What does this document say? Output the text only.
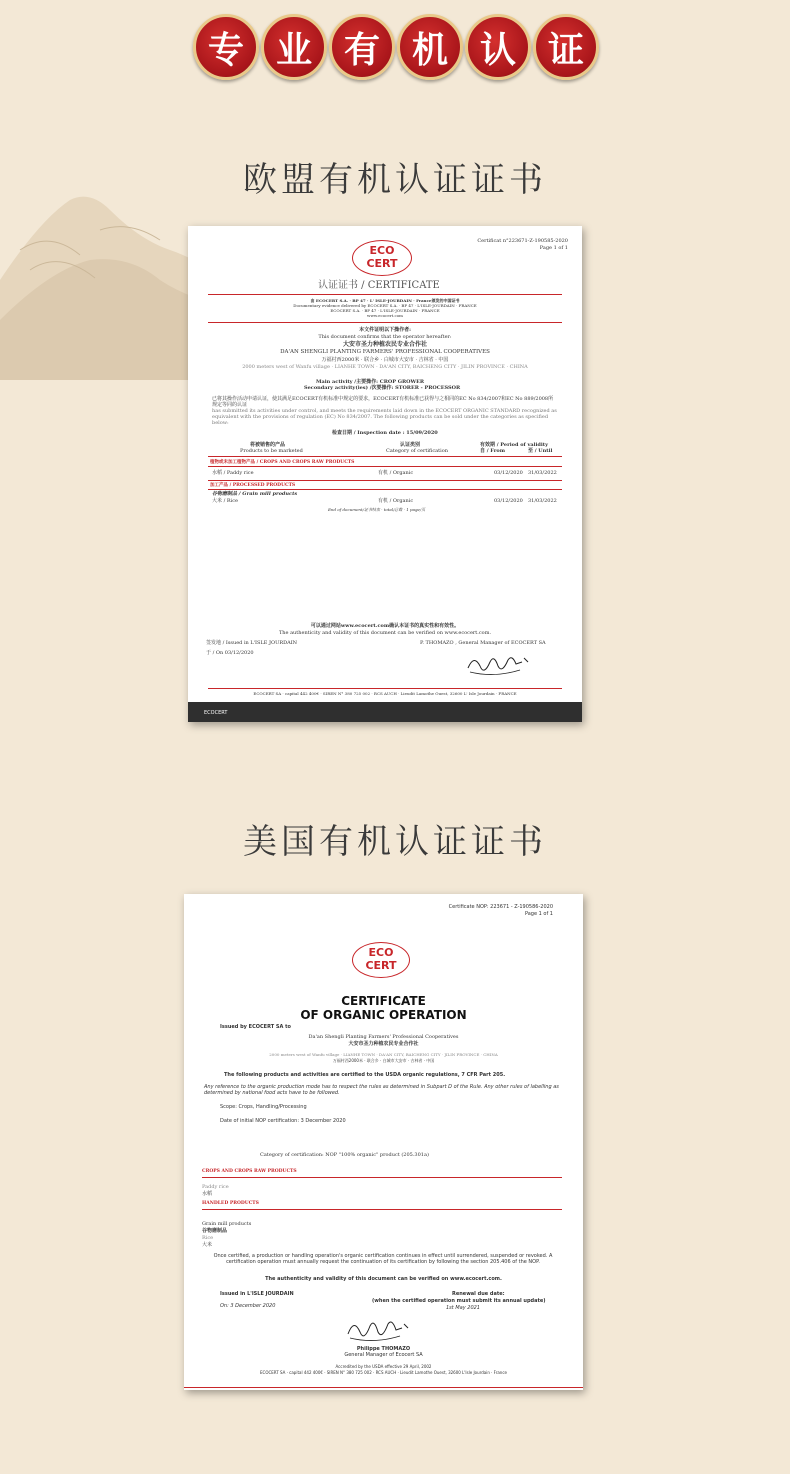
专 业 有 机 认 证
欧盟有机认证证书
Certificat n°223671-Z-190585-2020
Page 1 of 1
ECO
CERT
认证证书 / CERTIFICATE
由 ECOCERT S.A. · BP 47 · L' ISLE-JOURDAIN · France颁发的中国证书
Documentary evidence delivered by ECOCERT S.A. · BP 47 · L'ISLE-JOURDAIN · FRANCE
ECOCERT S.A. · BP 47 · L'ISLE-JOURDAIN · FRANCE
www.ecocert.com
本文件证明以下操作者:
This document confirms that the operator hereafter:
大安市圣力种植农民专业合作社
DA'AN SHENGLI PLANTING FARMERS' PROFESSIONAL COOPERATIVES
万福村西2000米 · 联合乡 · 白城市大安市 · 吉林省 · 中国
2000 meters west of Wanfu village · LIANHE TOWN · DA'AN CITY, BAICHENG CITY · JILIN PROVINCE · CHINA
Main activity /主要操作: CROP GROWER
Secondary activity(ies) /次要操作: STORER - PROCESSOR
已将其操作活动申请认证，使其满足ECOCERT有机标准中规定的要求，ECOCERT有机标准已获得与之相同的EC No 834/2007和EC No 889/2008所规定等同的认证
has submitted its activities under control, and meets the requirements laid down in the ECOCERT ORGANIC STANDARD recognized as equivalent with the provisions of regulation (EC) No 834/2007. The following products can be sold under the categories as specified below:
检查日期 / Inspection date : 15/09/2020
将被销售的产品
Products to be marketed
认证类别
Category of certification
有效期 / Period of validity
自 / From	至 / Until
植物或未加工植物产品 / CROPS AND CROPS RAW PRODUCTS
水稻 / Paddy rice	有机 / Organic	03/12/2020 31/03/2022
加工产品 / PROCESSED PRODUCTS
谷物磨制品 / Grain mill products
大米 / Rice	有机 / Organic	03/12/2020 31/03/2022
End of document/证书结束 · total/总数 · 1 page/页
可以通过网站www.ecocert.com确认本证书的真实性和有效性。
The authenticity and validity of this document can be verified on www.ecocert.com.
签发地 / Issued in L'ISLE JOURDAIN
于 / On 03/12/2020
P. THOMAZO , General Manager of ECOCERT SA
ECOCERT SA · capital 442 400€ · SIREN N° 380 725 002 · RCS AUCH · Lieudit Lamothe Ouest, 32600 L' Isle Jourdain · FRANCE
ECOCERT
美国有机认证证书
Certificate NOP: 223671 - Z-190586-2020
Page 1 of 1
ECO
CERT
CERTIFICATE
OF ORGANIC OPERATION
Issued by ECOCERT SA to
Da'an Shengli Planting Farmers' Professional Cooperatives
大安市圣力种植农民专业合作社
2000 meters west of Wanfu village · LIANHE TOWN · DA'AN CITY, BAICHENG CITY · JILIN PROVINCE · CHINA
万福村西2000米 · 联合乡 · 白城市大安市 · 吉林省 · 中国
The following products and activities are certified to the USDA organic regulations, 7 CFR Part 205.
Any reference to the organic production mode has to respect the rules as determined in Subpart D of the Rule. Any other rules of labelling as determined by national food acts have to be followed.
Scope: Crops, Handling/Processing
Date of initial NOP certification: 3 December 2020
Category of certification: NOP "100% organic" product (205.301a)
CROPS AND CROPS RAW PRODUCTS
Paddy rice
水稻
HANDLED PRODUCTS
Grain mill products
谷物磨制品
Rice
大米
Once certified, a production or handling operation's organic certification continues in effect until surrendered, suspended or revoked. A certification operation must annually request the continuation of its certification by following the section 205.406 of the NOP.
The authenticity and validity of this document can be verified on www.ecocert.com.
Issued in L'ISLE JOURDAIN
On: 3 December 2020
Renewal due date:
(when the certified operation must submit its annual update)
1st May 2021
Philippe THOMAZO
General Manager of Ecocert SA
Accredited by the USDA effective 29 April, 2002
ECOCERT SA · capital 442 400€ · SIREN N° 380 725 002 · RCS AUCH · Lieudit Lamothe Ouest, 32600 L'Isle Jourdain · France
